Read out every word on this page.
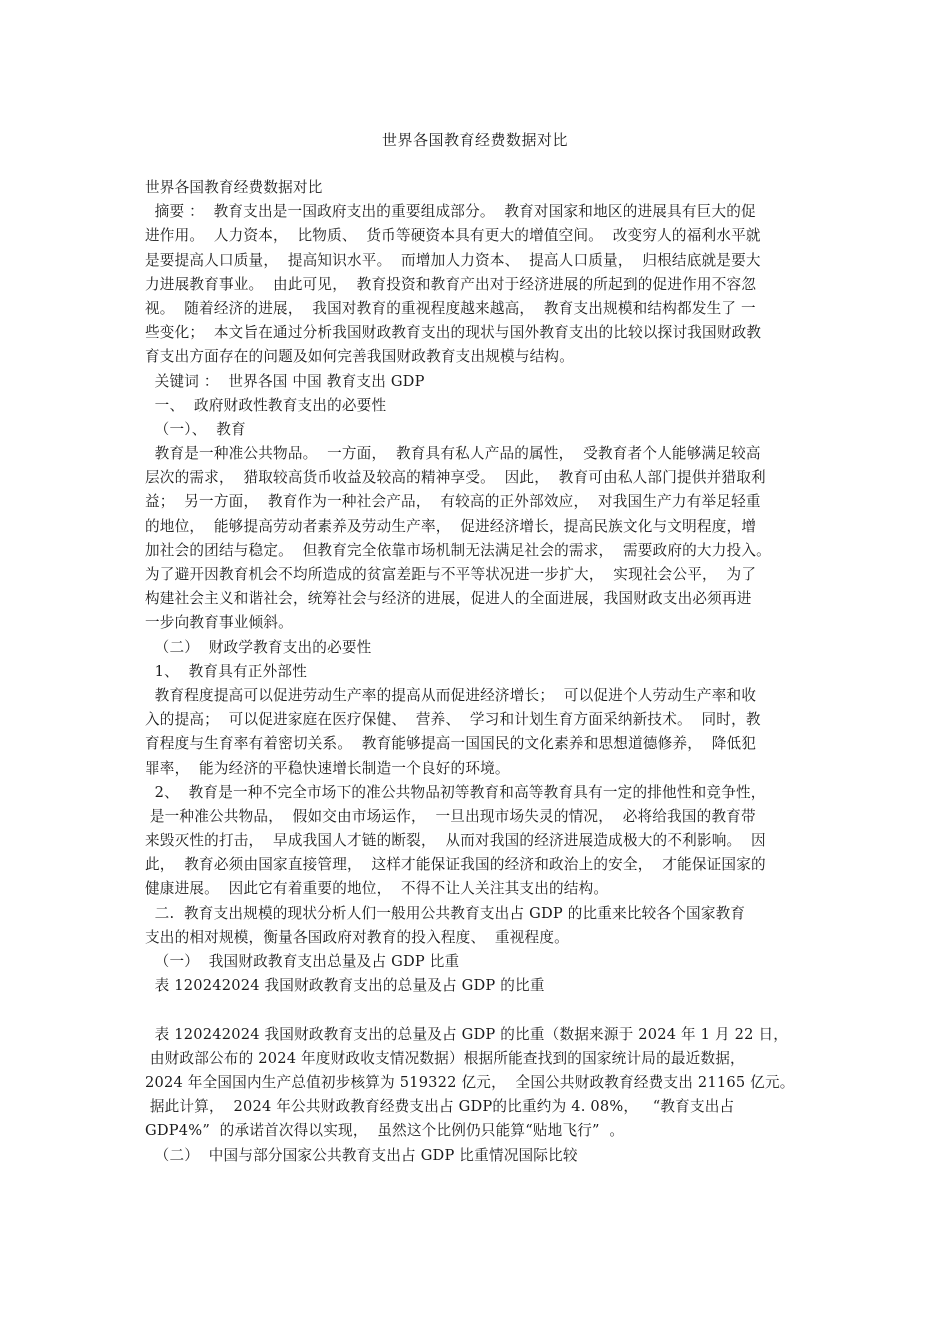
世界各国教育经费数据对比
世界各国教育经费数据对比
摘要 ：  教育支出是一国政府支出的重要组成部分。  教育对国家和地区的进展具有巨大的促
进作用。  人力资本，  比物质、  货币等硬资本具有更大的增值空间。  改变穷人的福利水平就
是要提高人口质量，  提高知识水平。  而增加人力资本、  提高人口质量，  归根结底就是要大
力进展教育事业。  由此可见，  教育投资和教育产出对于经济进展的所起到的促进作用不容忽
视。  随着经济的进展，  我国对教育的重视程度越来越高，  教育支出规模和结构都发生了 一
些变化；  本文旨在通过分析我国财政教育支出的现状与国外教育支出的比较以探讨我国财政教
育支出方面存在的问题及如何完善我国财政教育支出规模与结构。
关键词 ：  世界各国 中国 教育支出 GDP
一、  政府财政性教育支出的必要性
（一）、  教育
教育是一种准公共物品。  一方面，  教育具有私人产品的属性，  受教育者个人能够满足较高
层次的需求，  猎取较高货币收益及较高的精神享受。  因此，  教育可由私人部门提供并猎取利
益；  另一方面，  教育作为一种社会产品，  有较高的正外部效应，  对我国生产力有举足轻重
的地位，  能够提高劳动者素养及劳动生产率，  促进经济增长，提高民族文化与文明程度，增
加社会的团结与稳定。  但教育完全依靠市场机制无法满足社会的需求，  需要政府的大力投入。
为了避开因教育机会不均所造成的贫富差距与不平等状况进一步扩大，  实现社会公平，  为了
构建社会主义和谐社会，统筹社会与经济的进展，促进人的全面进展，我国财政支出必须再进
一步向教育事业倾斜。
（二）  财政学教育支出的必要性
1、  教育具有正外部性
教育程度提高可以促进劳动生产率的提高从而促进经济增长；  可以促进个人劳动生产率和收
入的提高；  可以促进家庭在医疗保健、  营养、  学习和计划生育方面采纳新技术。  同时，教
育程度与生育率有着密切关系。  教育能够提高一国国民的文化素养和思想道德修养，  降低犯
罪率，  能为经济的平稳快速增长制造一个良好的环境。
2、  教育是一种不完全市场下的准公共物品初等教育和高等教育具有一定的排他性和竞争性，
是一种准公共物品，  假如交由市场运作，  一旦出现市场失灵的情况，  必将给我国的教育带
来毁灭性的打击，  早成我国人才链的断裂，  从而对我国的经济进展造成极大的不利影响。  因
此，  教育必须由国家直接管理，  这样才能保证我国的经济和政治上的安全，  才能保证国家的
健康进展。  因此它有着重要的地位，  不得不让人关注其支出的结构。
二.  教育支出规模的现状分析人们一般用公共教育支出占 GDP 的比重来比较各个国家教育
支出的相对规模，衡量各国政府对教育的投入程度、  重视程度。
（一）  我国财政教育支出总量及占 GDP 比重
表 120242024 我国财政教育支出的总量及占 GDP 的比重
表 120242024 我国财政教育支出的总量及占 GDP 的比重（数据来源于 2024 年 1 月 22 日，
由财政部公布的 2024 年度财政收支情况数据）根据所能查找到的国家统计局的最近数据，
2024 年全国国内生产总值初步核算为 519322 亿元，  全国公共财政教育经费支出 21165 亿元。
据此计算，  2024 年公共财政教育经费支出占 GDP的比重约为 4. 08%，   “教育支出占
GDP4%”  的承诺首次得以实现，  虽然这个比例仍只能算“贴地飞行”  。
（二）  中国与部分国家公共教育支出占 GDP 比重情况国际比较
